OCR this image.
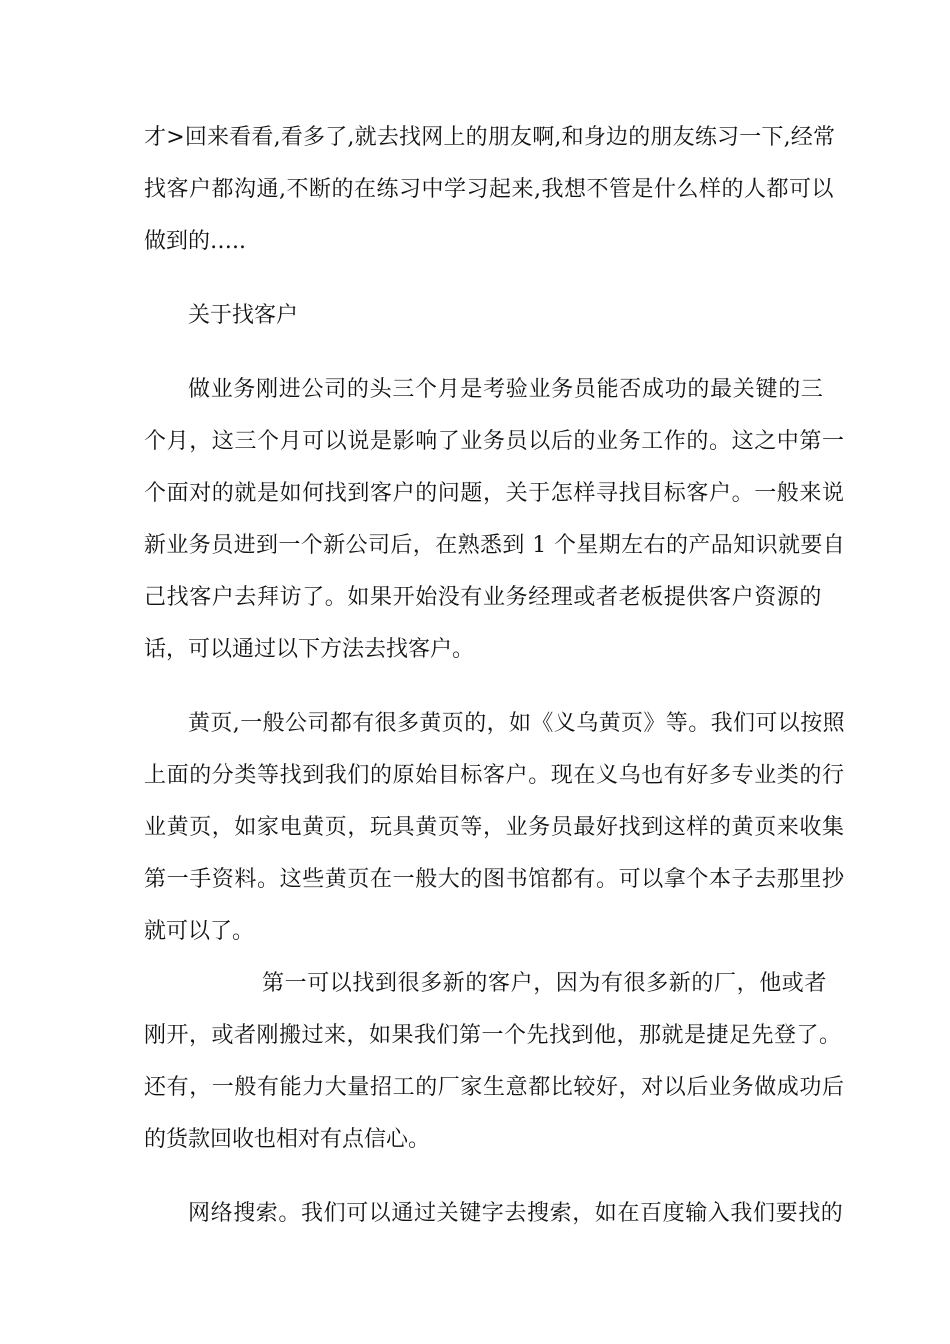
才>回来看看,看多了,就去找网上的朋友啊,和身边的朋友练习一下,经常

找客户都沟通,不断的在练习中学习起来,我想不管是什么样的人都可以

做到的…..

关于找客户

做业务刚进公司的头三个月是考验业务员能否成功的最关键的三

个月，这三个月可以说是影响了业务员以后的业务工作的。这之中第一

个面对的就是如何找到客户的问题，关于怎样寻找目标客户。一般来说

新业务员进到一个新公司后，在熟悉到 1 个星期左右的产品知识就要自

己找客户去拜访了。如果开始没有业务经理或者老板提供客户资源的

话，可以通过以下方法去找客户。

黄页,一般公司都有很多黄页的，如《义乌黄页》等。我们可以按照

上面的分类等找到我们的原始目标客户。现在义乌也有好多专业类的行

业黄页，如家电黄页，玩具黄页等，业务员最好找到这样的黄页来收集

第一手资料。这些黄页在一般大的图书馆都有。可以拿个本子去那里抄

就可以了。

第一可以找到很多新的客户，因为有很多新的厂，他或者

刚开，或者刚搬过来，如果我们第一个先找到他，那就是捷足先登了。

还有，一般有能力大量招工的厂家生意都比较好，对以后业务做成功后

的货款回收也相对有点信心。

网络搜索。我们可以通过关键字去搜索，如在百度输入我们要找的
